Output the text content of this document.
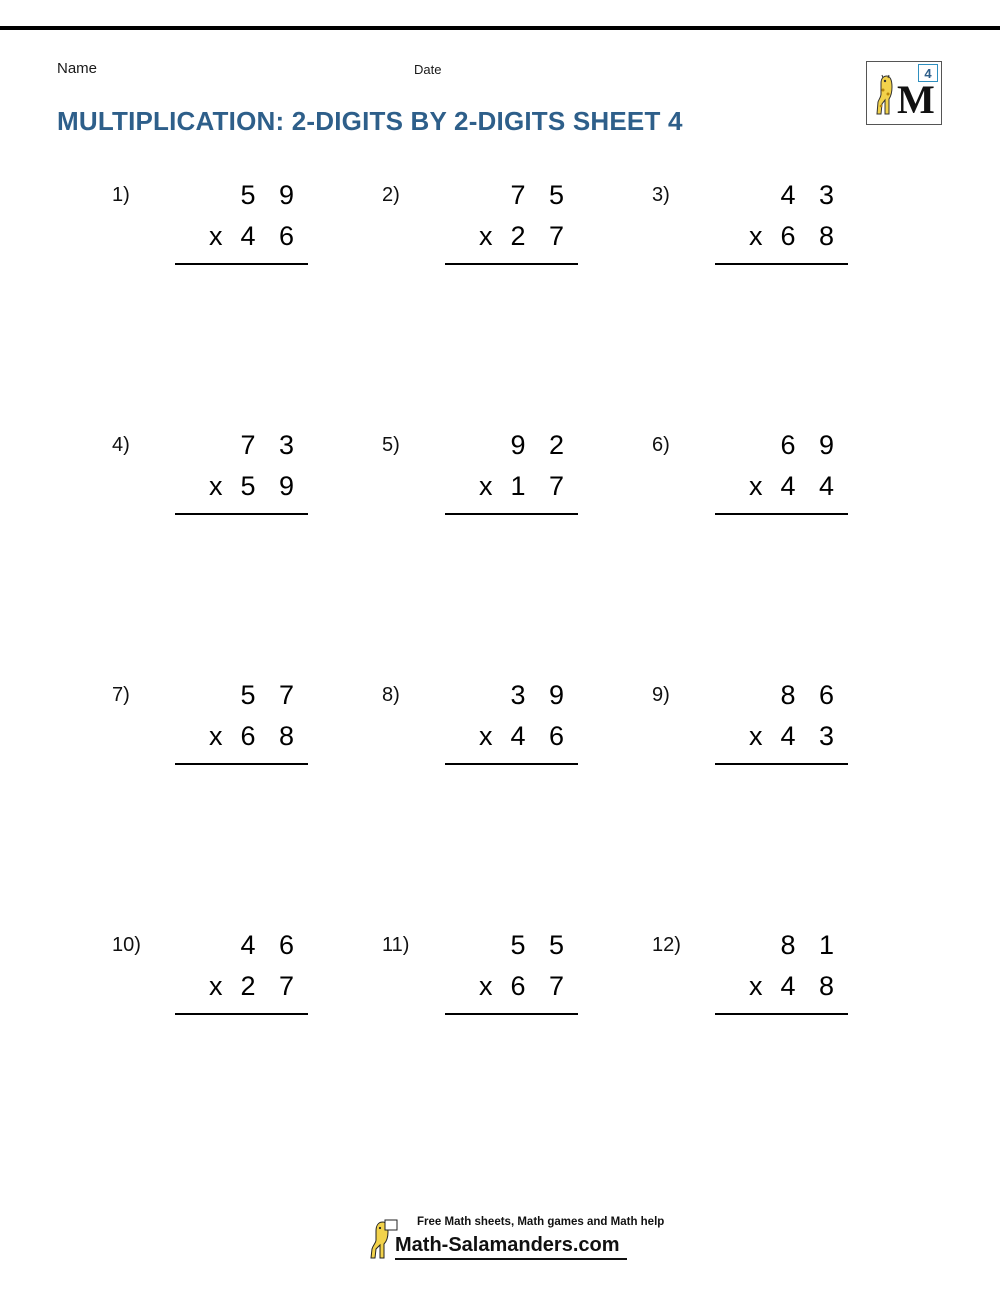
Name	Date
MULTIPLICATION: 2-DIGITS BY 2-DIGITS SHEET 4	M
4
1)	5 9
x 4 6
2)	7 5
x 2 7
3)	4 3
x 6 8
4)	7 3
x 5 9
5)	9 2
x 1 7
6)	6 9
x 4 4
7)	5 7
x 6 8
8)	3 9
x 4 6
9)	8 6
x 4 3
10)	4 6
x 2 7
11)	5 5
x 6 7
12)	8 1
x 4 8
Free Math sheets, Math games and Math help
Math-Salamanders.com
